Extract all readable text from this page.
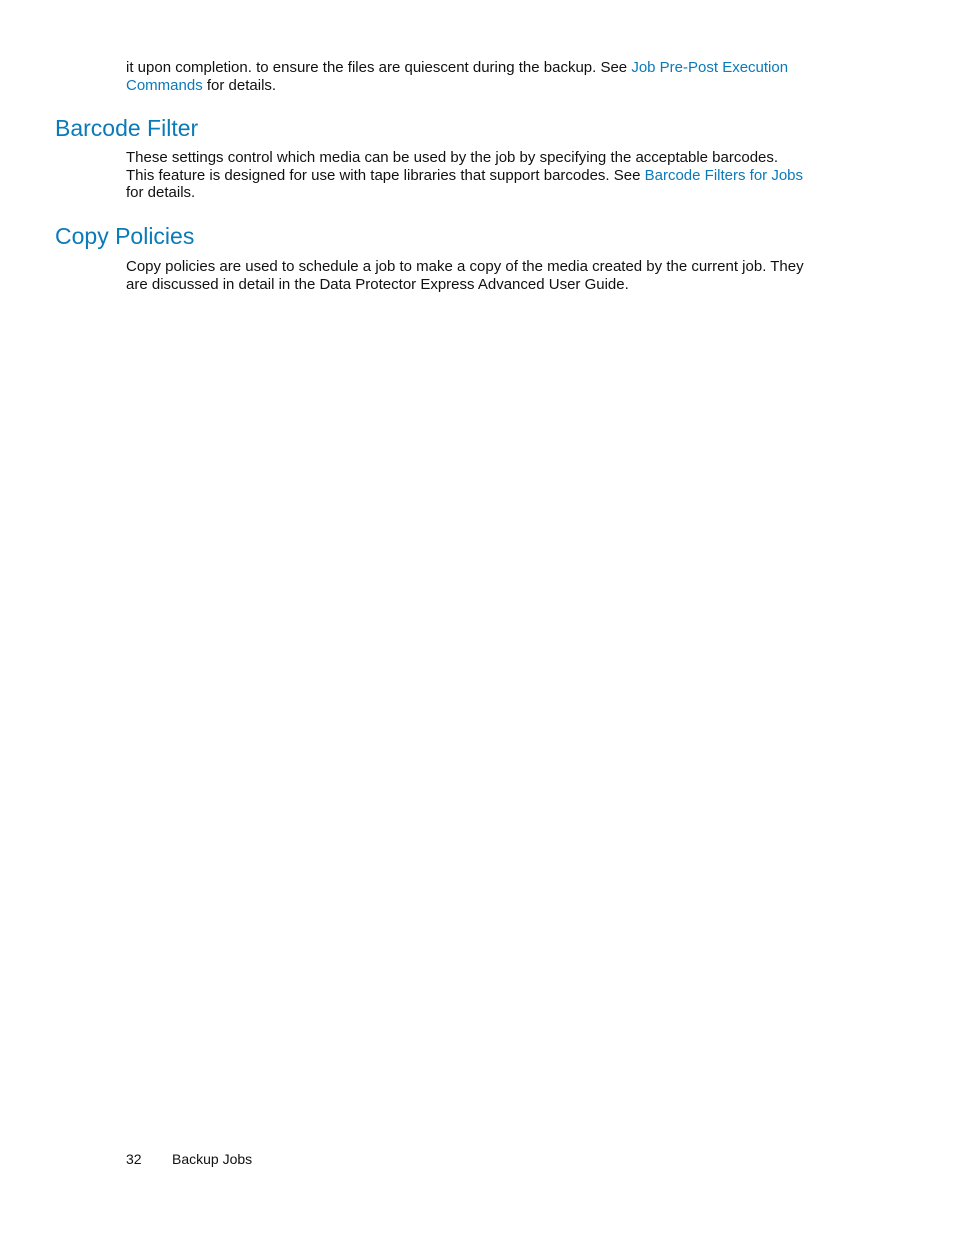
it upon completion. to ensure the files are quiescent during the backup. See Job Pre-Post Execution Commands for details.

Barcode Filter

These settings control which media can be used by the job by specifying the acceptable barcodes.
This feature is designed for use with tape libraries that support barcodes. See Barcode Filters for Jobs
for details.

Copy Policies

Copy policies are used to schedule a job to make a copy of the media created by the current job. They are discussed in detail in the Data Protector Express Advanced User Guide.

32 Backup Jobs
